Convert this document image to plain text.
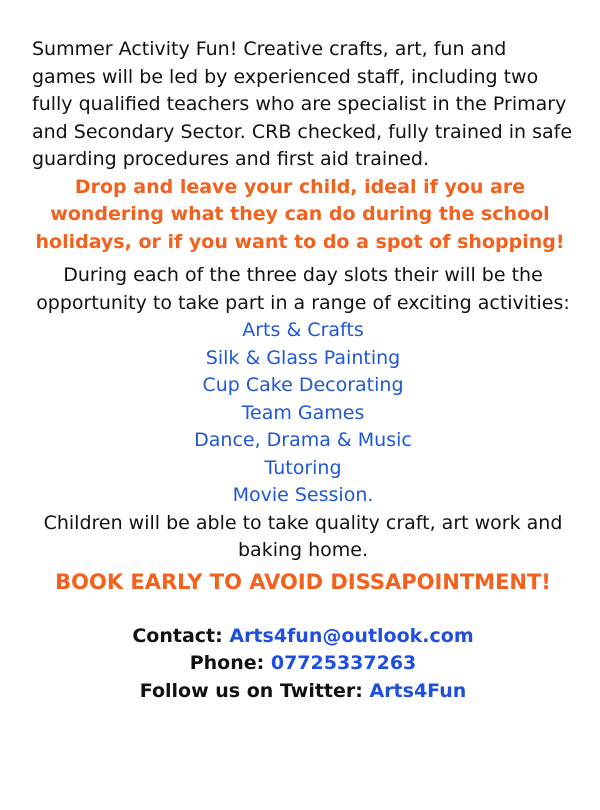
Summer Activity Fun! Creative crafts, art, fun and games will be led by experienced staff, including two fully qualified teachers who are specialist in the Primary and Secondary Sector. CRB checked, fully trained in safe guarding procedures and first aid trained.

Drop and leave your child, ideal if you are wondering what they can do during the school holidays, or if you want to do a spot of shopping!

During each of the three day slots their will be the opportunity to take part in a range of exciting activities:

Arts & Crafts
Silk & Glass Painting
Cup Cake Decorating
Team Games
Dance, Drama & Music
Tutoring
Movie Session.

Children will be able to take quality craft, art work and baking home.

BOOK EARLY TO AVOID DISSAPOINTMENT!

Contact: Arts4fun@outlook.com
Phone: 07725337263
Follow us on Twitter: Arts4Fun
